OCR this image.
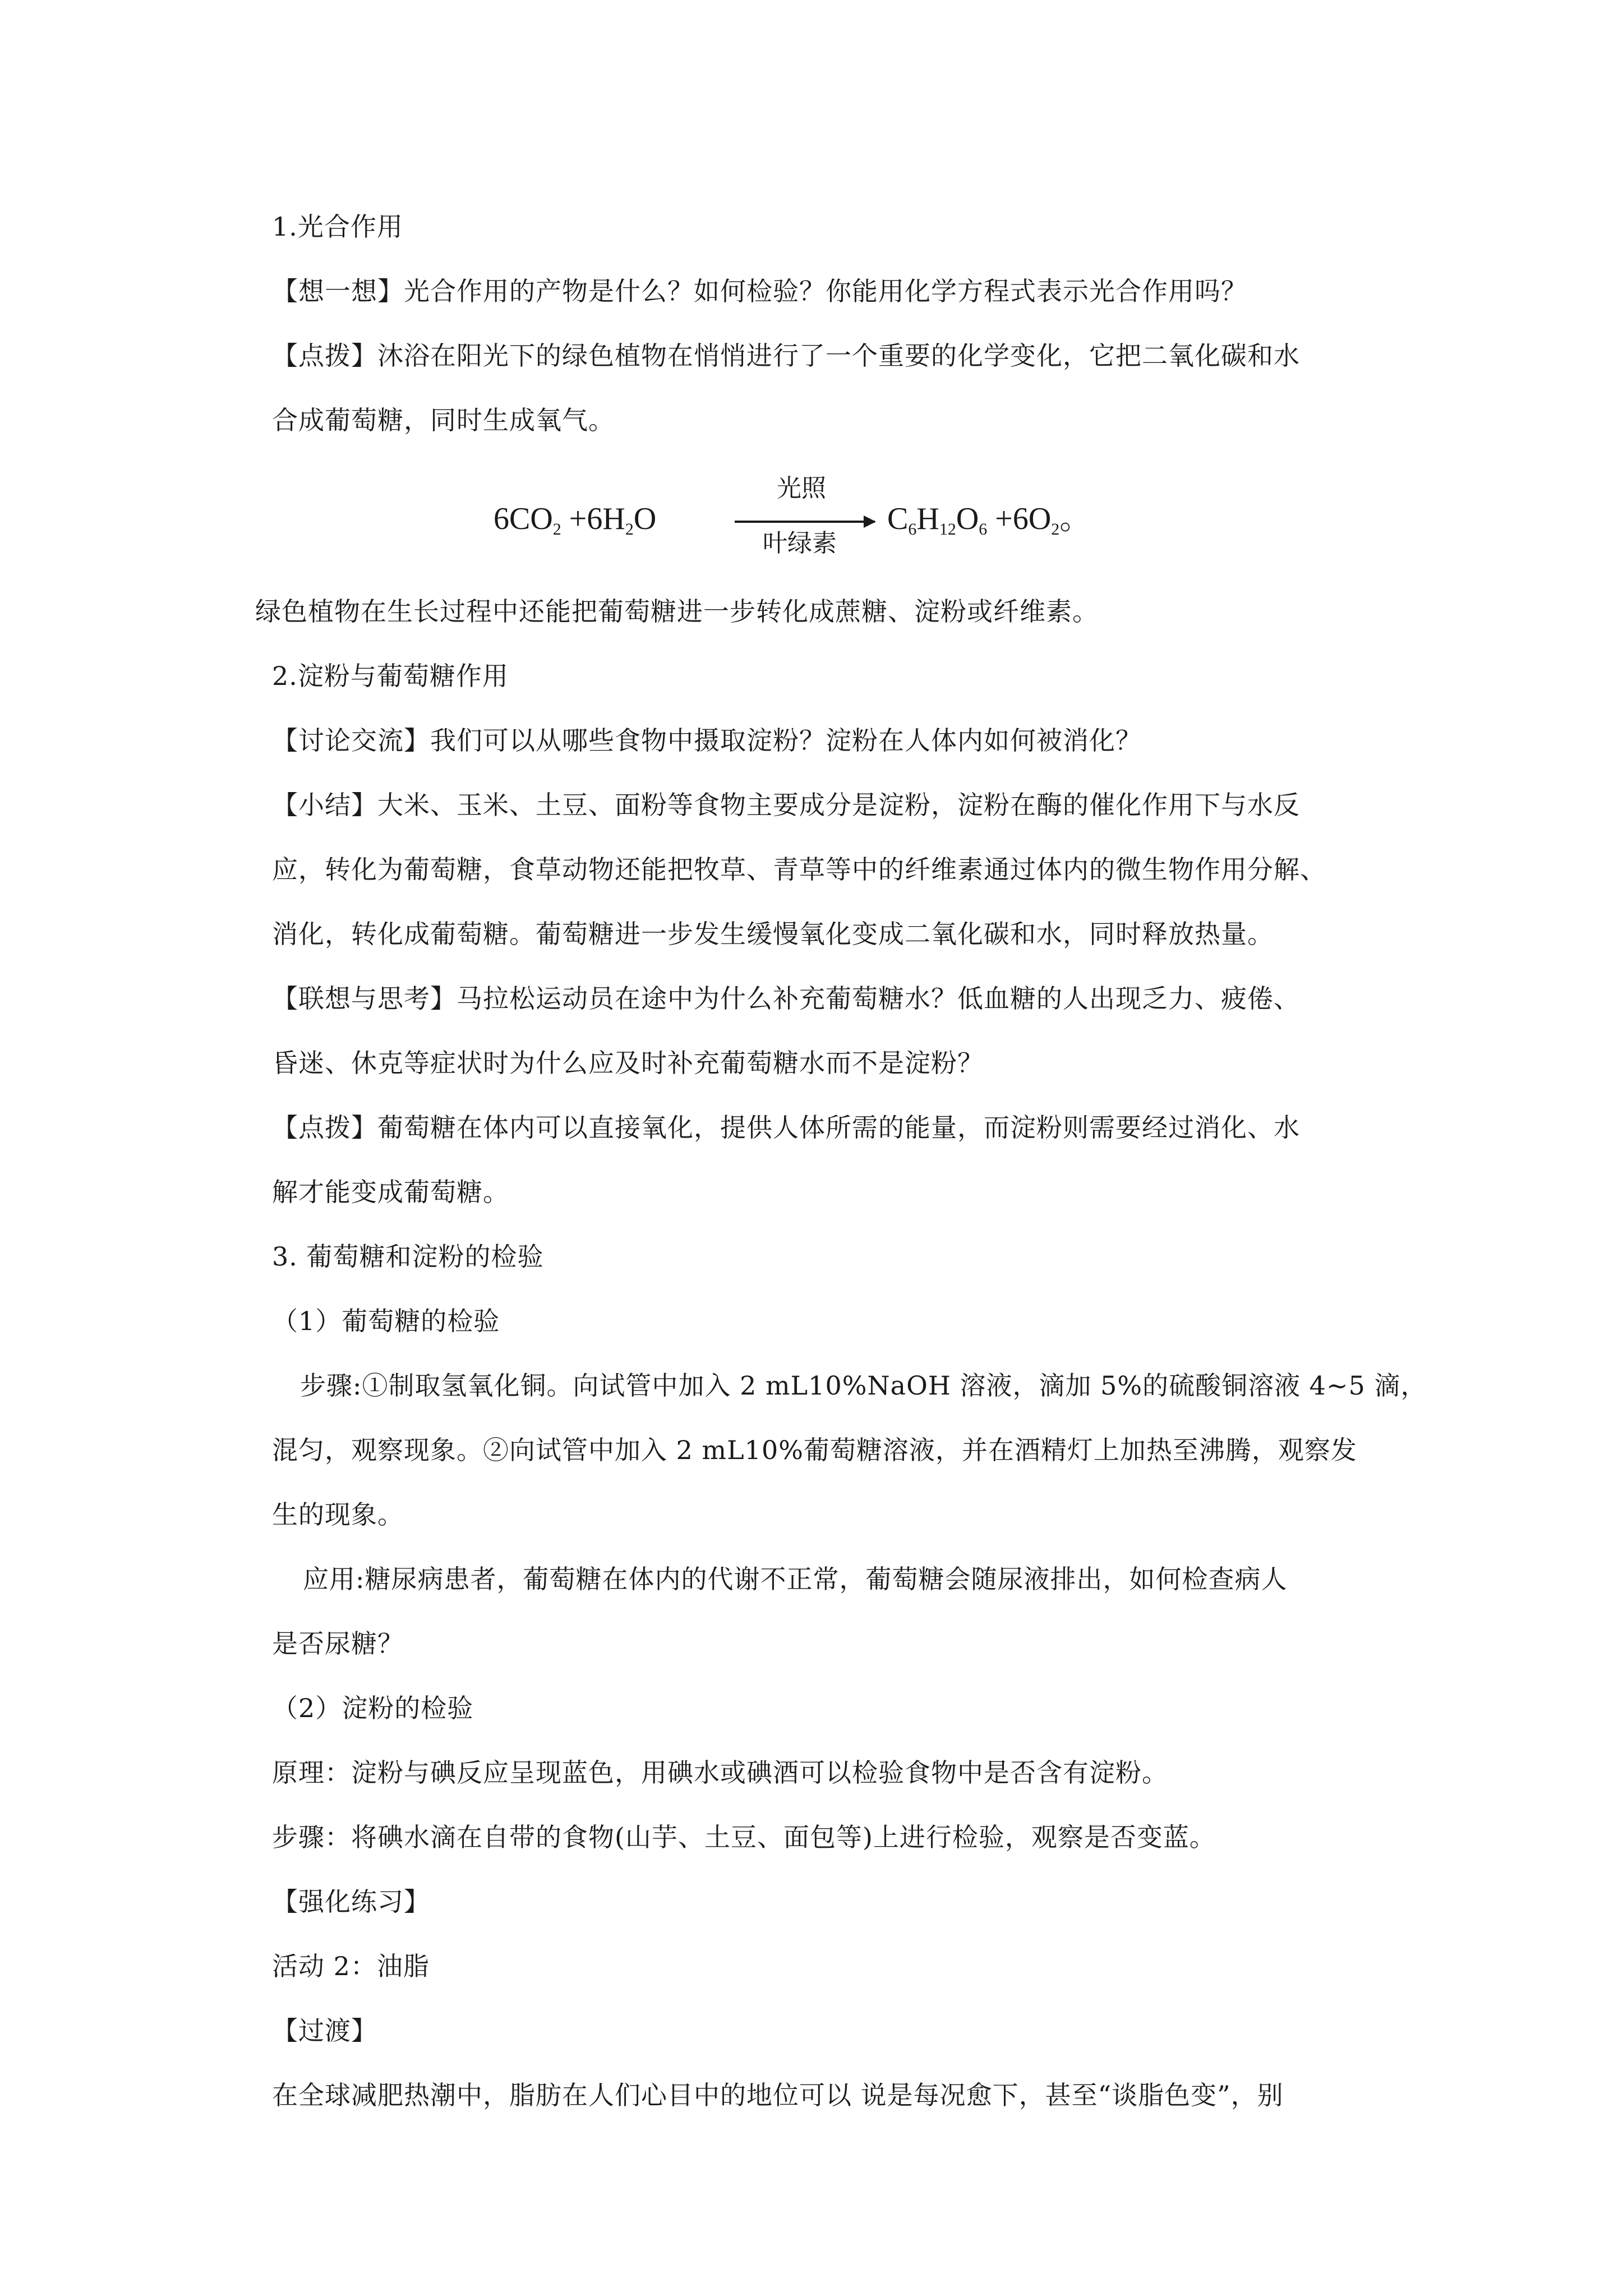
1.光合作用
【想一想】光合作用的产物是什么？如何检验？你能用化学方程式表示光合作用吗？
【点拨】沐浴在阳光下的绿色植物在悄悄进行了一个重要的化学变化，它把二氧化碳和水
合成葡萄糖，同时生成氧气。
$6CO_2 +6H_2O$
光照
叶绿素
$C_6H_{12}O_6 +6O_2$。
绿色植物在生长过程中还能把葡萄糖进一步转化成蔗糖、淀粉或纤维素。
2.淀粉与葡萄糖作用
【讨论交流】我们可以从哪些食物中摄取淀粉？淀粉在人体内如何被消化？
【小结】大米、玉米、土豆、面粉等食物主要成分是淀粉，淀粉在酶的催化作用下与水反
应，转化为葡萄糖，食草动物还能把牧草、青草等中的纤维素通过体内的微生物作用分解、
消化，转化成葡萄糖。葡萄糖进一步发生缓慢氧化变成二氧化碳和水，同时释放热量。
【联想与思考】马拉松运动员在途中为什么补充葡萄糖水？低血糖的人出现乏力、疲倦、
昏迷、休克等症状时为什么应及时补充葡萄糖水而不是淀粉？
【点拨】葡萄糖在体内可以直接氧化，提供人体所需的能量，而淀粉则需要经过消化、水
解才能变成葡萄糖。
3. 葡萄糖和淀粉的检验
（1）葡萄糖的检验
步骤:①制取氢氧化铜。向试管中加入 2 mL10%NaOH 溶液，滴加 5%的硫酸铜溶液 4~5 滴，
混匀，观察现象。②向试管中加入 2 mL10%葡萄糖溶液，并在酒精灯上加热至沸腾，观察发
生的现象。
应用:糖尿病患者，葡萄糖在体内的代谢不正常，葡萄糖会随尿液排出，如何检查病人
是否尿糖？
（2）淀粉的检验
原理：淀粉与碘反应呈现蓝色，用碘水或碘酒可以检验食物中是否含有淀粉。
步骤：将碘水滴在自带的食物(山芋、土豆、面包等)上进行检验，观察是否变蓝。
【强化练习】
活动 2：油脂
【过渡】
在全球减肥热潮中，脂肪在人们心目中的地位可以 说是每况愈下，甚至“谈脂色变”，别
